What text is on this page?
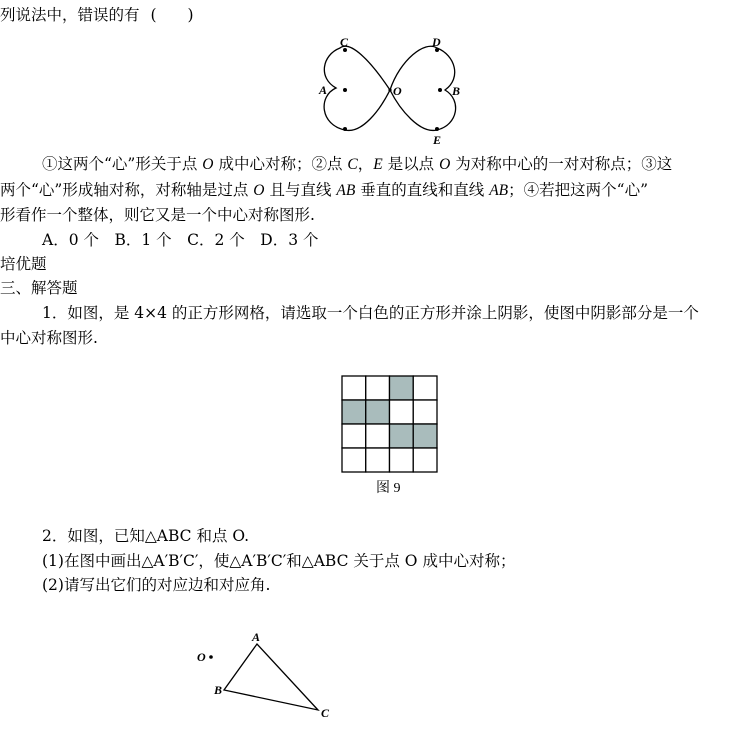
列说法中，错误的有 (　　)
C	D
A	O	B
E
图 9
O
A
B
C
①这两个“心”形关于点 O 成中心对称；②点 C，E 是以点 O 为对称中心的一对对称点；③这
两个“心”形成轴对称，对称轴是过点 O 且与直线 AB 垂直的直线和直线 AB；④若把这两个“心”
形看作一个整体，则它又是一个中心对称图形.
A．0 个　B．1 个　C．2 个　D．3 个
培优题
三、解答题
1．如图，是 4×4 的正方形网格，请选取一个白色的正方形并涂上阴影，使图中阴影部分是一个
中心对称图形.
2．如图，已知△ABC 和点 O.
(1)在图中画出△A′B′C′，使△A′B′C′和△ABC 关于点 O 成中心对称；
(2)请写出它们的对应边和对应角.
